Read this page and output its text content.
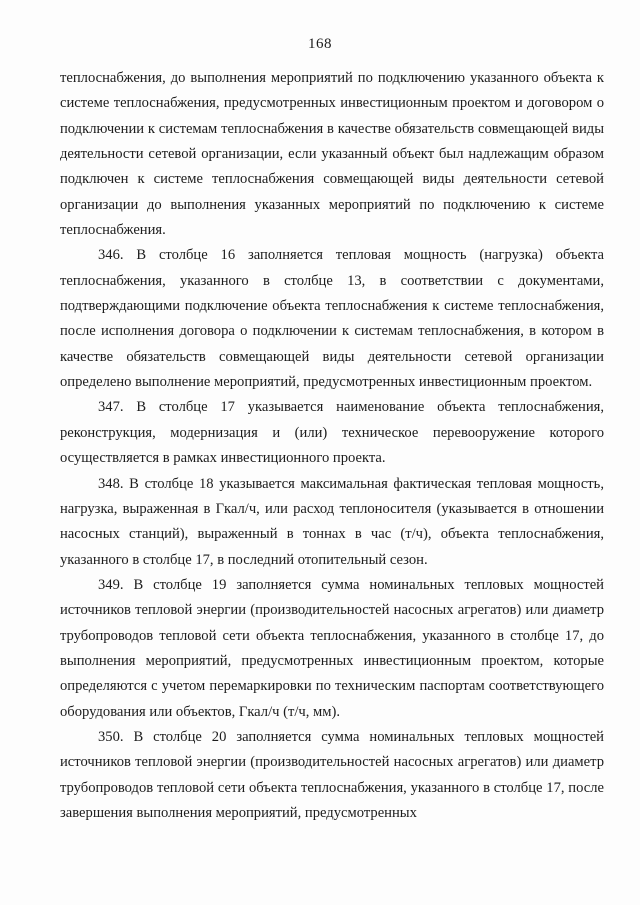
168

теплоснабжения, до выполнения мероприятий по подключению указанного объекта к системе теплоснабжения, предусмотренных инвестиционным проектом и договором о подключении к системам теплоснабжения в качестве обязательств совмещающей виды деятельности сетевой организации, если указанный объект был надлежащим образом подключен к системе теплоснабжения совмещающей виды деятельности сетевой организации до выполнения указанных мероприятий по подключению к системе теплоснабжения.

346. В столбце 16 заполняется тепловая мощность (нагрузка) объекта теплоснабжения, указанного в столбце 13, в соответствии с документами, подтверждающими подключение объекта теплоснабжения к системе теплоснабжения, после исполнения договора о подключении к системам теплоснабжения, в котором в качестве обязательств совмещающей виды деятельности сетевой организации определено выполнение мероприятий, предусмотренных инвестиционным проектом.

347. В столбце 17 указывается наименование объекта теплоснабжения, реконструкция, модернизация и (или) техническое перевооружение которого осуществляется в рамках инвестиционного проекта.

348. В столбце 18 указывается максимальная фактическая тепловая мощность, нагрузка, выраженная в Гкал/ч, или расход теплоносителя (указывается в отношении насосных станций), выраженный в тоннах в час (т/ч), объекта теплоснабжения, указанного в столбце 17, в последний отопительный сезон.

349. В столбце 19 заполняется сумма номинальных тепловых мощностей источников тепловой энергии (производительностей насосных агрегатов) или диаметр трубопроводов тепловой сети объекта теплоснабжения, указанного в столбце 17, до выполнения мероприятий, предусмотренных инвестиционным проектом, которые определяются с учетом перемаркировки по техническим паспортам соответствующего оборудования или объектов, Гкал/ч (т/ч, мм).

350. В столбце 20 заполняется сумма номинальных тепловых мощностей источников тепловой энергии (производительностей насосных агрегатов) или диаметр трубопроводов тепловой сети объекта теплоснабжения, указанного в столбце 17, после завершения выполнения мероприятий, предусмотренных
